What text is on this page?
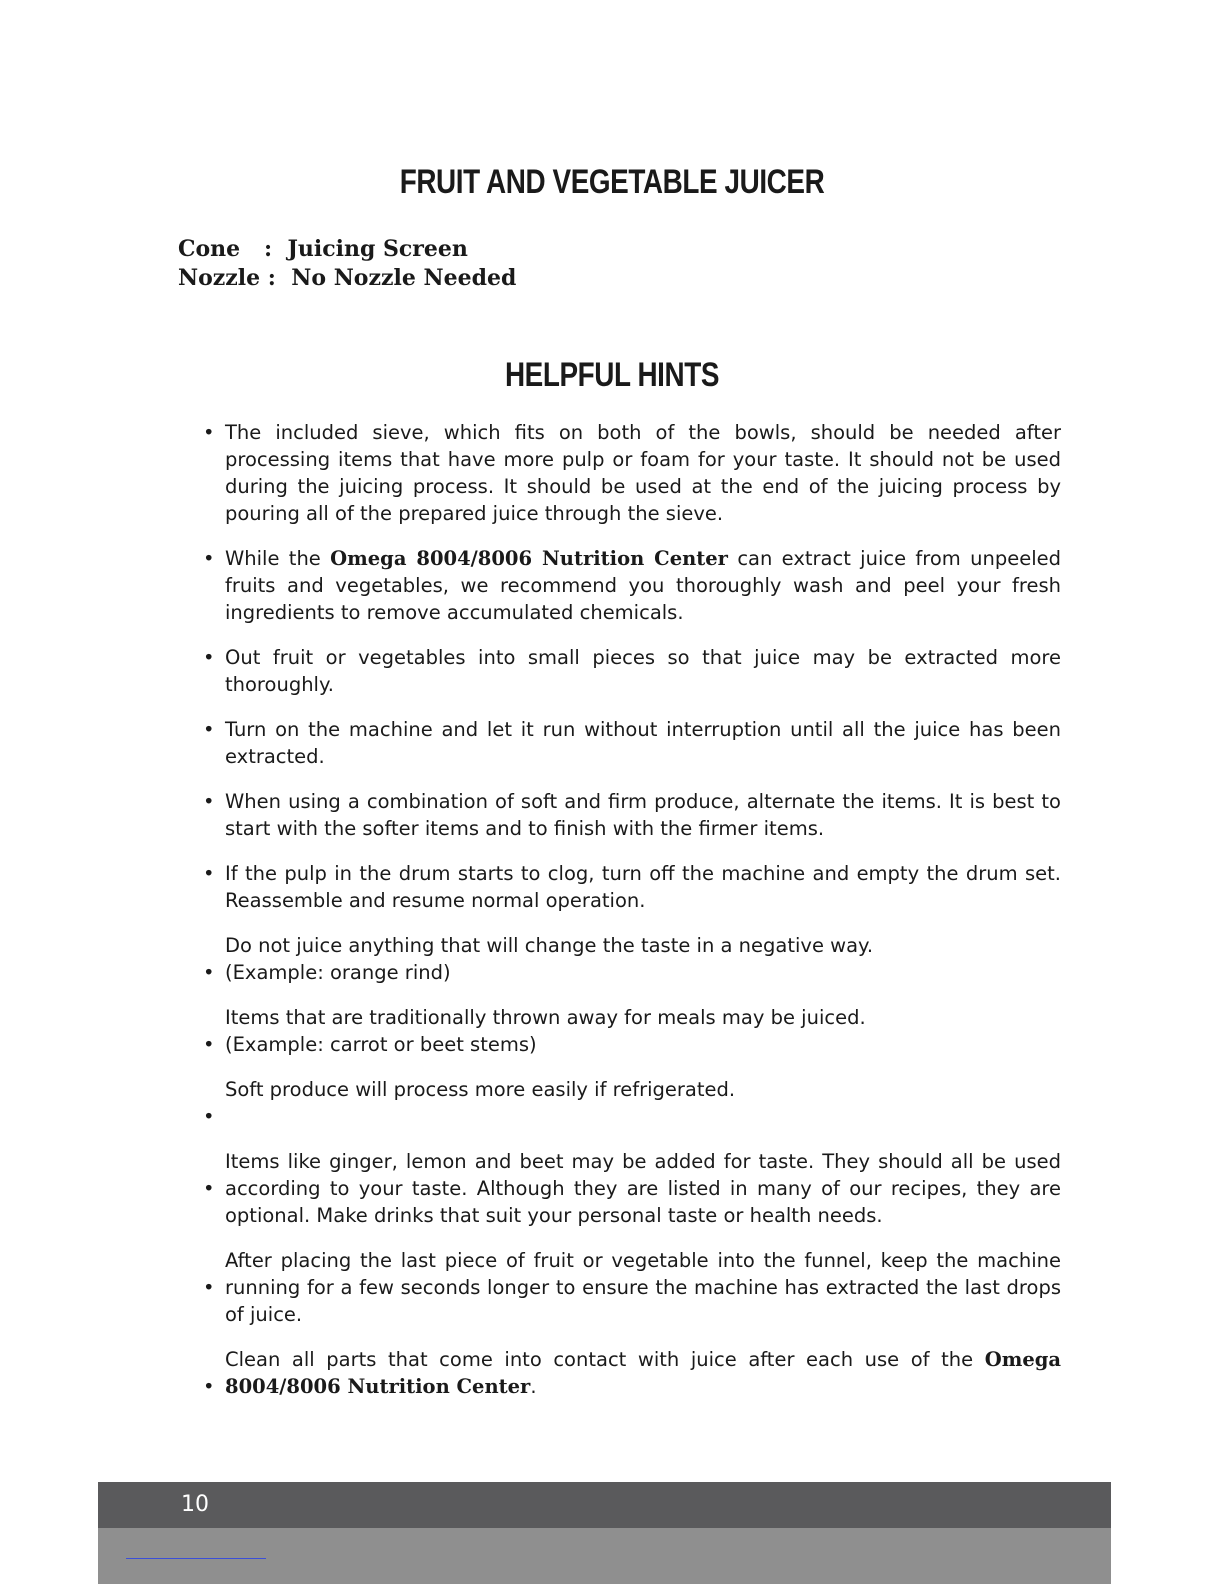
FRUIT AND VEGETABLE JUICER
Cone : Juicing Screen
Nozzle : No Nozzle Needed
HELPFUL HINTS
• The included sieve, which fits on both of the bowls, should be needed after processing items that have more pulp or foam for your taste. It should not be used during the juicing process. It should be used at the end of the juicing process by pouring all of the prepared juice through the sieve.
• While the Omega 8004/8006 Nutrition Center can extract juice from unpeeled fruits and vegetables, we recommend you thoroughly wash and peel your fresh ingredients to remove accumulated chemicals.
• Out fruit or vegetables into small pieces so that juice may be extracted more thoroughly.
• Turn on the machine and let it run without interruption until all the juice has been extracted.
• When using a combination of soft and firm produce, alternate the items. It is best to start with the softer items and to finish with the firmer items.
• If the pulp in the drum starts to clog, turn off the machine and empty the drum set. Reassemble and resume normal operation.
• Do not juice anything that will change the taste in a negative way.
(Example: orange rind)
• Items that are traditionally thrown away for meals may be juiced.
(Example: carrot or beet stems)
• Soft produce will process more easily if refrigerated.
• Items like ginger, lemon and beet may be added for taste. They should all be used according to your taste. Although they are listed in many of our recipes, they are optional. Make drinks that suit your personal taste or health needs.
• After placing the last piece of fruit or vegetable into the funnel, keep the machine running for a few seconds longer to ensure the machine has extracted the last drops of juice.
• Clean all parts that come into contact with juice after each use of the Omega 8004/8006 Nutrition Center.
10
